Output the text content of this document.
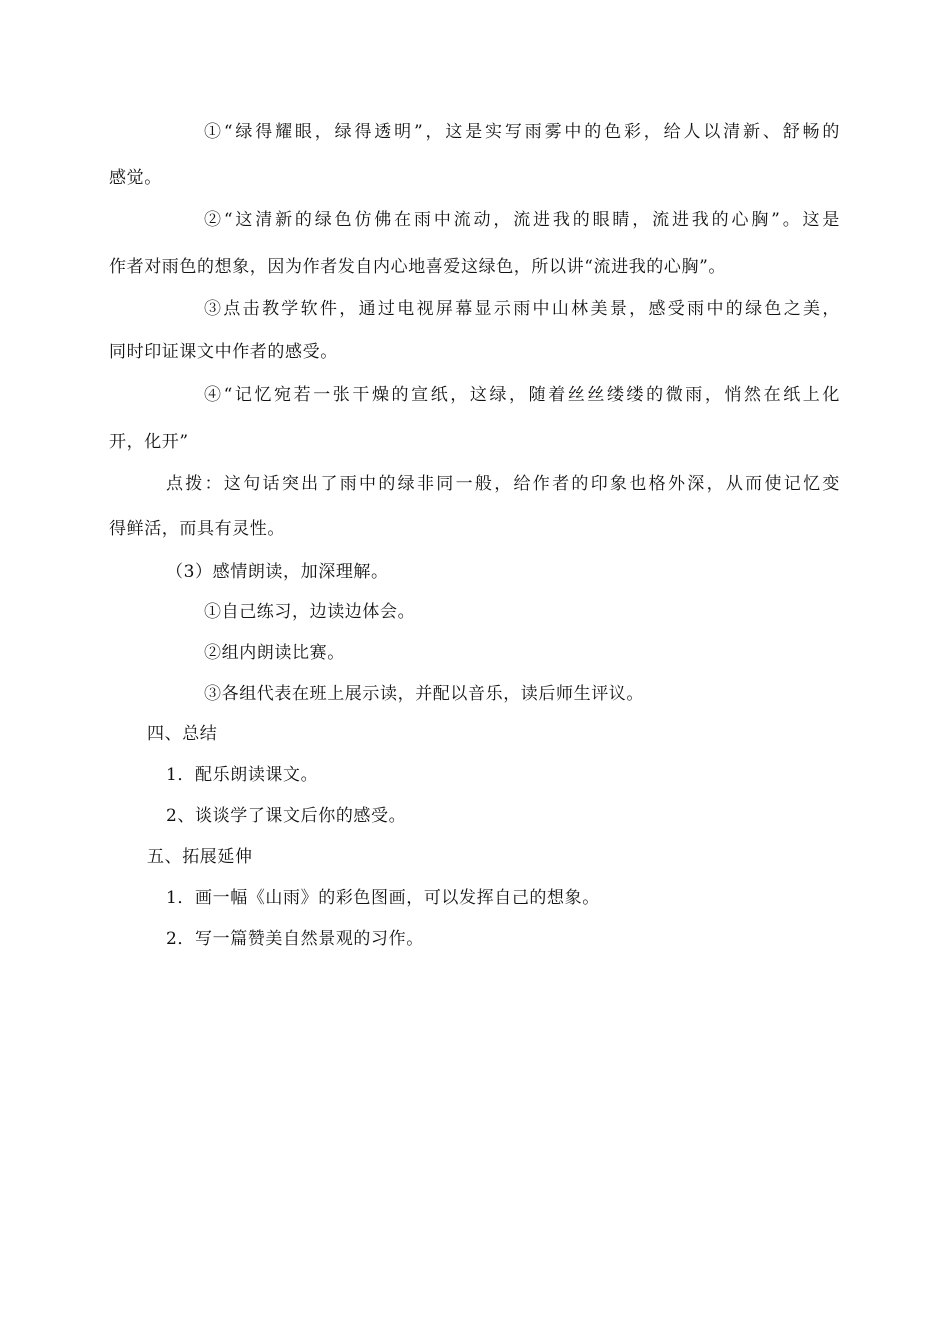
①“绿得耀眼，绿得透明”，这是实写雨雾中的色彩，给人以清新、舒畅的
感觉。
②“这清新的绿色仿佛在雨中流动，流进我的眼睛，流进我的心胸”。这是
作者对雨色的想象，因为作者发自内心地喜爱这绿色，所以讲“流进我的心胸”。
③点击教学软件，通过电视屏幕显示雨中山林美景，感受雨中的绿色之美，
同时印证课文中作者的感受。
④“记忆宛若一张干燥的宣纸，这绿，随着丝丝缕缕的微雨，悄然在纸上化
开，化开”
点拨：这句话突出了雨中的绿非同一般，给作者的印象也格外深，从而使记忆变
得鲜活，而具有灵性。
（3）感情朗读，加深理解。
①自己练习，边读边体会。
②组内朗读比赛。
③各组代表在班上展示读，并配以音乐，读后师生评议。
四、总结
1．配乐朗读课文。
2、谈谈学了课文后你的感受。
五、拓展延伸
1．画一幅《山雨》的彩色图画，可以发挥自己的想象。
2．写一篇赞美自然景观的习作。
